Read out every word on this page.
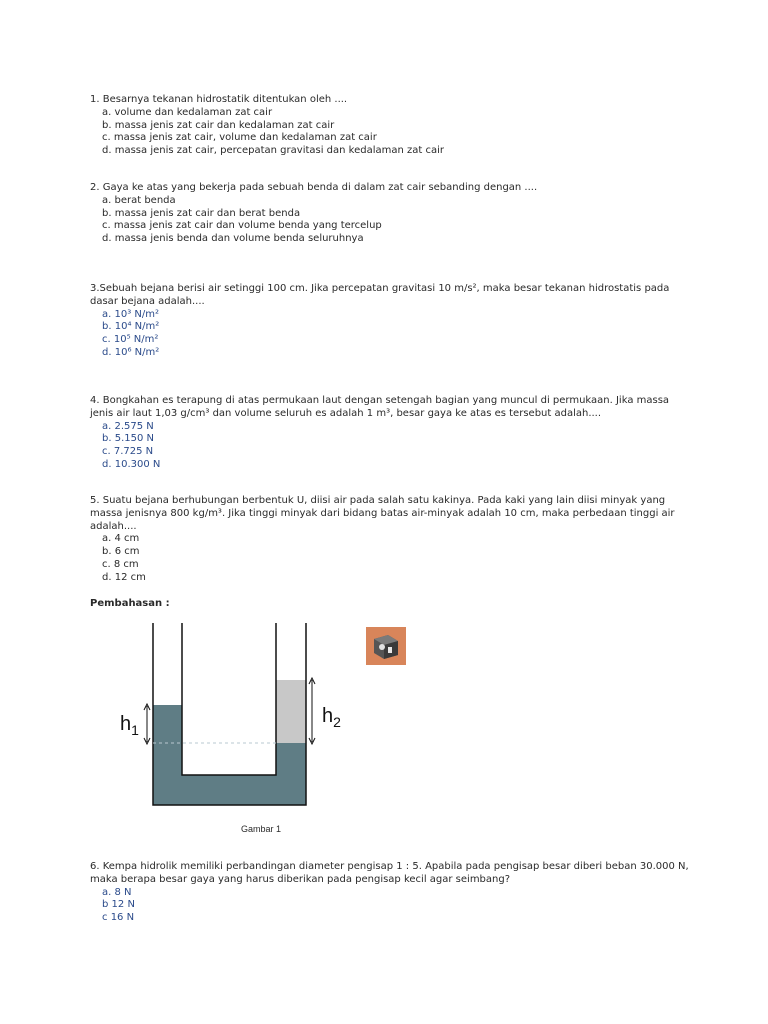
1. Besarnya tekanan hidrostatik ditentukan oleh ....
a. volume dan kedalaman zat cair
b. massa jenis zat cair dan kedalaman zat cair
c. massa jenis zat cair, volume dan kedalaman zat cair
d. massa jenis zat cair, percepatan gravitasi dan kedalaman zat cair
2. Gaya ke atas yang bekerja pada sebuah benda di dalam zat cair sebanding dengan ....
a. berat benda
b. massa jenis zat cair dan berat benda
c. massa jenis zat cair dan volume benda yang tercelup
d. massa jenis benda dan volume benda seluruhnya
3.Sebuah bejana berisi air setinggi 100 cm. Jika percepatan gravitasi 10 m/s², maka besar tekanan hidrostatis pada dasar bejana adalah....
a. 10³ N/m²
b. 10⁴ N/m²
c. 10⁵ N/m²
d. 10⁶ N/m²
4. Bongkahan es terapung di atas permukaan laut dengan setengah bagian yang muncul di permukaan. Jika massa jenis air laut 1,03 g/cm³ dan volume seluruh es adalah 1 m³, besar gaya ke atas es tersebut adalah....
a. 2.575 N
b. 5.150 N
c. 7.725 N
d. 10.300 N
5. Suatu bejana berhubungan berbentuk U, diisi air pada salah satu kakinya. Pada kaki yang lain diisi minyak yang massa jenisnya 800 kg/m³. Jika tinggi minyak dari bidang batas air-minyak adalah 10 cm, maka perbedaan tinggi air adalah....
a. 4 cm
b. 6 cm
c. 8 cm
d. 12 cm
Pembahasan :
$h_1$
$h_2$
Gambar 1
6. Kempa hidrolik memiliki perbandingan diameter pengisap 1 : 5. Apabila pada pengisap besar diberi beban 30.000 N, maka berapa besar gaya yang harus diberikan pada pengisap kecil agar seimbang?
a. 8 N
b 12 N
c 16 N
